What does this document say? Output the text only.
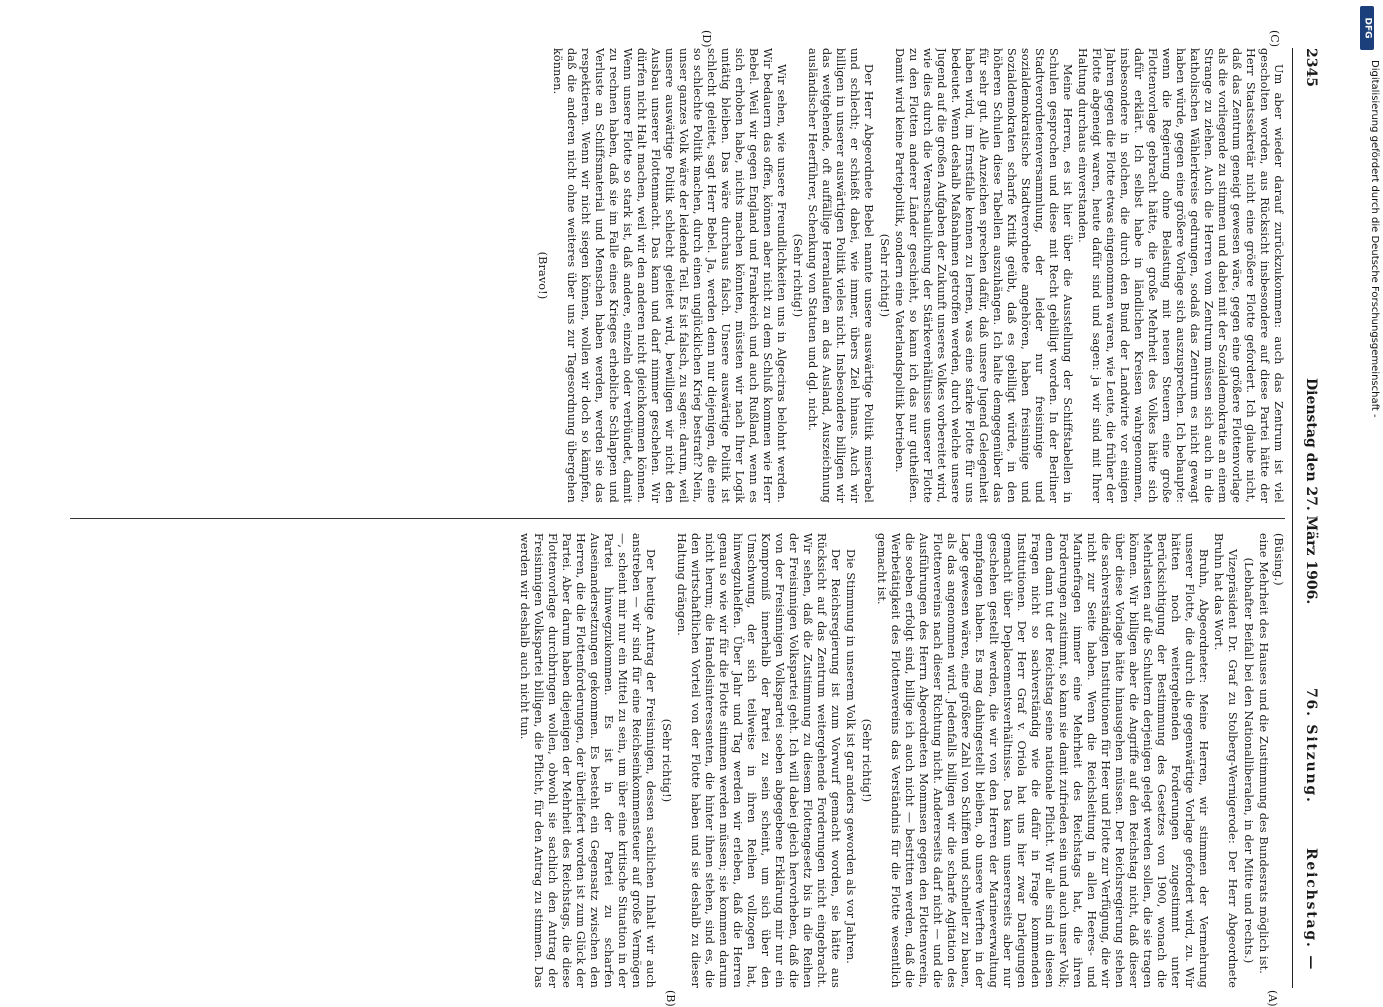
2345
Dienstag den 27. März 1906.
76. Sitzung.
Reichstag. —

Um aber wieder darauf zurückzukommen: auch das Zentrum ist viel gescholten worden, aus Rücksicht insbesondere auf diese Partei hätte der Herr Staatssekretär nicht eine größere Flotte gefordert. Ich glaube nicht, daß das Zentrum geneigt gewesen wäre, gegen eine größere Flottenvorlage als die vorliegende zu stimmen und dabei mit der Sozialdemokratie an einem Strange zu ziehen. Auch die Herren vom Zentrum müssen sich auch in die katholischen Wählerkreise gedrungen, sodaß das Zentrum es nicht gewagt haben würde, gegen eine größere Vorlage sich auszusprechen. Ich behaupte: wenn die Regierung ohne Belastung mit neuen Steuern eine große Flottenvorlage gebracht hätte, die große Mehrheit des Volkes hätte sich dafür erklärt. Ich selbst habe in ländlichen Kreisen wahrgenommen, insbesondere in solchen, die durch den Bund der Landwirte vor einigen Jahren gegen die Flotte etwas eingenommen waren, wie Leute, die früher der Flotte abgeneigt waren, heute dafür sind und sagen: ja wir sind mit Ihrer Haltung durchaus einverstanden.

Meine Herren, es ist hier über die Ausstellung der Schiffstabellen in Schulen gesprochen und diese mit Recht gebilligt worden. In der Berliner Stadtverordnetenversammlung, der leider nur freisinnige und sozialdemokratische Stadtverordnete angehören, haben freisinnige und Sozialdemokraten scharfe Kritik geübt, daß es gebilligt würde, in den höheren Schulen diese Tabellen auszuhängen. Ich halte demgegenüber das für sehr gut. Alle Anzeichen sprechen dafür, daß unsere Jugend Gelegenheit haben wird, im Ernstfalle kennen zu lernen, was eine starke Flotte für uns bedeutet. Wenn deshalb Maßnahmen getroffen werden, durch welche unsere Jugend auf die großen Aufgaben der Zukunft unseres Volkes vorbereitet wird, wie dies durch die Veranschaulichung der Stärkeverhältnisse unserer Flotte zu den Flotten anderer Länder geschieht, so kann ich das nur gutheißen. Damit wird keine Parteipolitik, sondern eine Vaterlandspolitik betrieben.

(Sehr richtig!)

Der Herr Abgeordnete Bebel nannte unsere auswärtige Politik miserabel und schlecht; er schießt dabei, wie immer, übers Ziel hinaus. Auch wir billigen in unserer auswärtigen Politik vieles nicht. Insbesondere billigen wir das weitgehende, oft auffällige Heranlaufen an das Ausland, Auszeichnung ausländischer Heerführer, Schenkung von Statuen und dgl. nicht.

(Sehr richtig!)

Wir sehen, wie unsere Freundlichkeiten uns in Algeciras belohnt werden. Wir bedauern das offen, können aber nicht zu dem Schluß kommen wie Herr Bebel. Weil wir gegen England und Frankreich und auch Rußland, wenn es sich erhoben habe, nichts machen könnten, müssten wir nach Ihrer Logik untätig bleiben. Das wäre durchaus falsch. Unsere auswärtige Politik ist schlecht geleitet, sagt Herr Bebel. Ja, werden denn nur diejenigen, die eine so schlechte Politik machen, durch einen unglücklichen Krieg bestraft? Nein, unser ganzes Volk wäre der leidende Teil. Es ist falsch, zu sagen: darum, weil unsere auswärtige Politik schlecht geleitet wird, bewilligen wir nicht den Ausbau unserer Flottenmacht. Das kann und darf nimmer geschehen. Wir dürfen nicht Halt machen, weil wir den anderen nicht gleichkommen können. Wenn unsere Flotte so stark ist, daß andere, einzeln oder verbündet, damit zu rechnen haben, daß sie im Falle eines Krieges erhebliche Schlappen und Verluste an Schiffsmaterial und Menschen haben werden, werden sie das respektieren. Wenn wir nicht siegen können, wollen wir doch so kämpfen, daß die anderen nicht ohne weiteres über uns zur Tagesordnung übergehen können.

(Bravo!)

(Büsing.)

eine Mehrheit des Hauses und die Zustimmung des Bundesrats möglich ist.

(Lebhafter Beifall bei den Nationalliberalen, in der Mitte und rechts.)

Vizepräsident Dr. Graf zu Stolberg-Wernigerode: Der Herr Abgeordnete Bruhn hat das Wort.

Bruhn, Abgeordneter: Meine Herren, wir stimmen der Vermehrung unserer Flotte, die durch die gegenwärtige Vorlage gefordert wird, zu. Wir hätten noch weitergehenden Forderungen zugestimmt unter Berücksichtigung der Bestimmung des Gesetzes von 1900, wonach die Mehrlasten auf die Schultern derjenigen gelegt werden sollen, die sie tragen können. Wir billigen aber die Angriffe auf den Reichstag nicht, daß dieser über diese Vorlage hätte hinausgehen müssen. Der Reichsregierung stehen die sachverständigen Institutionen für Heer und Flotte zur Verfügung, die wir nicht zur Seite haben. Wenn die Reichsleitung in allen Heeres- und Marinefragen immer eine Mehrheit des Reichstags hat, die ihren Forderungen zustimmt, so kann sie damit zufrieden sein und auch unser Volk; denn dann tut der Reichstag seine nationale Pflicht. Wir alle sind in diesen Fragen nicht so sachverständig wie die dafür in Frage kommenden Institutionen. Der Herr Graf v. Oriola hat uns hier zwar Darlegungen gemacht über Deplacementsverhältnisse. Das kann unsererseits aber nur geschehen gestellt werden, die wir von den Herren der Marineverwaltung empfangen haben. Es mag dahingestellt bleiben, ob unsere Werften in der Lage gewesen wären, eine größere Zahl von Schiffen und schneller zu bauen, als das angenommen wird. Jedenfalls billigen wir die scharfe Agitation des Flottenvereins nach dieser Richtung nicht. Andererseits darf nicht — und die Ausführungen des Herrn Abgeordneten Mommsen gegen den Flottenverein, die soeben erfolgt sind, billige ich auch nicht — bestritten werden, daß die Werbetätigkeit des Flottenvereins das Verständnis für die Flotte wesentlich gemacht ist.

(Sehr richtig!)

Die Stimmung in unserem Volk ist gar anders geworden als vor Jahren.

Der Reichsregierung ist zum Vorwurf gemacht worden, sie hätte aus Rücksicht auf das Zentrum weitergehende Forderungen nicht eingebracht. Wir sehen, daß die Zustimmung zu diesem Flottengesetz bis in die Reihen der Freisinnigen Volkspartei geht. Ich will dabei gleich hervorheben, daß die von der Freisinnigen Volkspartei soeben abgegebene Erklärung mir nur ein Kompromiß innerhalb der Partei zu sein scheint, um sich über den Umschwung, der sich teilweise in ihren Reihen vollzogen hat, hinwegzuhelfen. Über Jahr und Tag werden wir erleben, daß die Herren genau so wie wir für die Flotte stimmen werden müssen; sie kommen darum nicht herum; die Handelsinteressenten, die hinter ihnen stehen, sind es, die den wirtschaftlichen Vorteil von der Flotte haben und sie deshalb zu dieser Haltung drängen.

(Sehr richtig!)

Der heutige Antrag der Freisinnigen, dessen sachlichen Inhalt wir auch anstreben — wir sind für eine Reichseinkommensteuer auf große Vermögen —, scheint mir nur ein Mittel zu sein, um über eine kritische Situation in der Partei hinwegzukommen. Es ist in der Partei zu scharfen Auseinandersetzungen gekommen. Es besteht ein Gegensatz zwischen den Herren, die die Flottenforderungen, der überliefert worden ist zum Glück der Partei. Aber darum haben diejenigen der Mehrheit des Reichstags, die diese Flottenvorlage durchbringen wollen, obwohl sie sachlich den Antrag der Freisinnigen Volkspartei billigen, die Pflicht, für den Antrag zu stimmen. Das werden wir deshalb auch nicht tun.

(C)
(D)
(A)
(B)
DFG
Digitalisierung gefördert durch die Deutsche Forschungsgemeinschaft -
